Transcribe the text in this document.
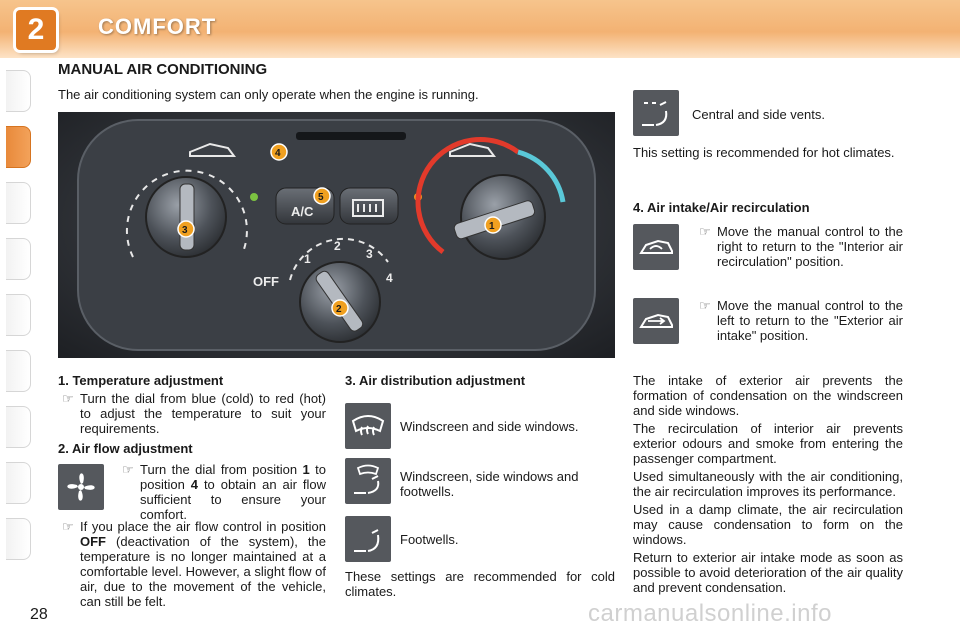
2	COMFORT
MANUAL AIR CONDITIONING
The air conditioning system can only operate when the engine is running.
A/C
OFF
1
2
3
4
1
2
3
4
5
1. Temperature adjustment
☞ Turn the dial from blue (cold) to red (hot) to adjust the temperature to suit your requirements.
2. Air flow adjustment
☞ Turn the dial from position 1 to position 4 to obtain an air flow sufficient to ensure your comfort.
☞ If you place the air flow control in position OFF (deactivation of the system), the temperature is no longer maintained at a comfortable level. However, a slight flow of air, due to the movement of the vehicle, can still be felt.
3. Air distribution adjustment
Windscreen and side windows.
Windscreen, side windows and footwells.
Footwells.
These settings are recommended for cold climates.
Central and side vents.
This setting is recommended for hot climates.
4. Air intake/Air recirculation
☞ Move the manual control to the right to return to the "Interior air recirculation" position.
☞ Move the manual control to the left to return to the "Exterior air intake" position.
The intake of exterior air prevents the formation of condensation on the windscreen and side windows.
The recirculation of interior air prevents exterior odours and smoke from entering the passenger compartment.
Used simultaneously with the air conditioning, the air recirculation improves its performance.
Used in a damp climate, the air recirculation may cause condensation to form on the windows.
Return to exterior air intake mode as soon as possible to avoid deterioration of the air quality and prevent condensation.
28	carmanualsonline.info
